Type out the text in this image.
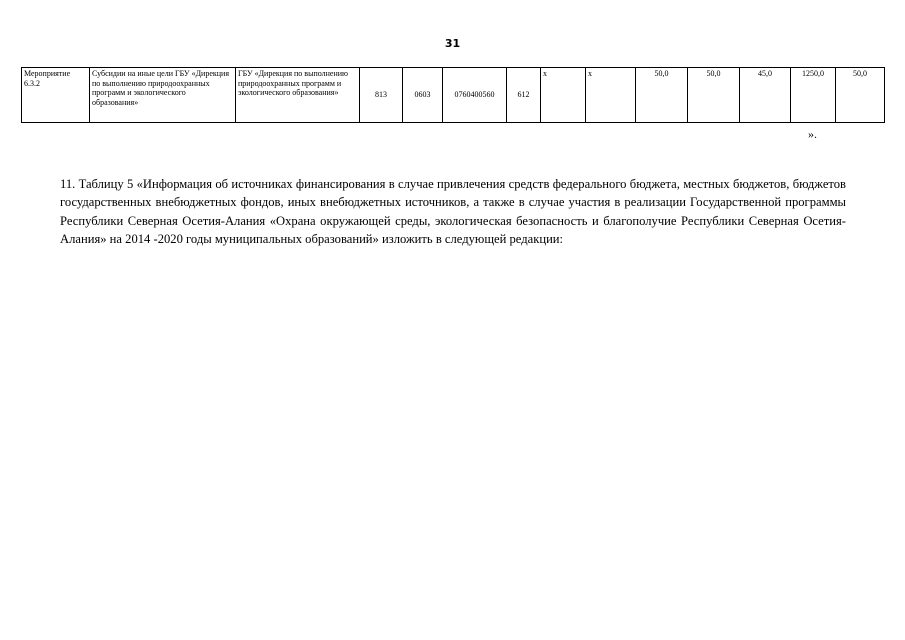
31
Мероприятие 6.3.2	Субсидии на иные цели ГБУ «Дирекция по выполнению природоохранных программ и экологического образования»	ГБУ «Дирекция по выполнению природоохранных программ и экологического образования»	813	0603	0760400560	612	х	х	50,0	50,0	45,0	1250,0	50,0
».
11. Таблицу 5 «Информация об источниках финансирования в случае привлечения средств федерального бюджета, местных бюджетов, бюджетов государственных внебюджетных фондов, иных внебюджетных источников, а также в случае участия в реализации Государственной программы Республики Северная Осетия-Алания «Охрана окружающей среды, экологическая безопасность и благополучие Республики Северная Осетия-Алания» на 2014 -2020 годы муниципальных образований» изложить в следующей редакции:
